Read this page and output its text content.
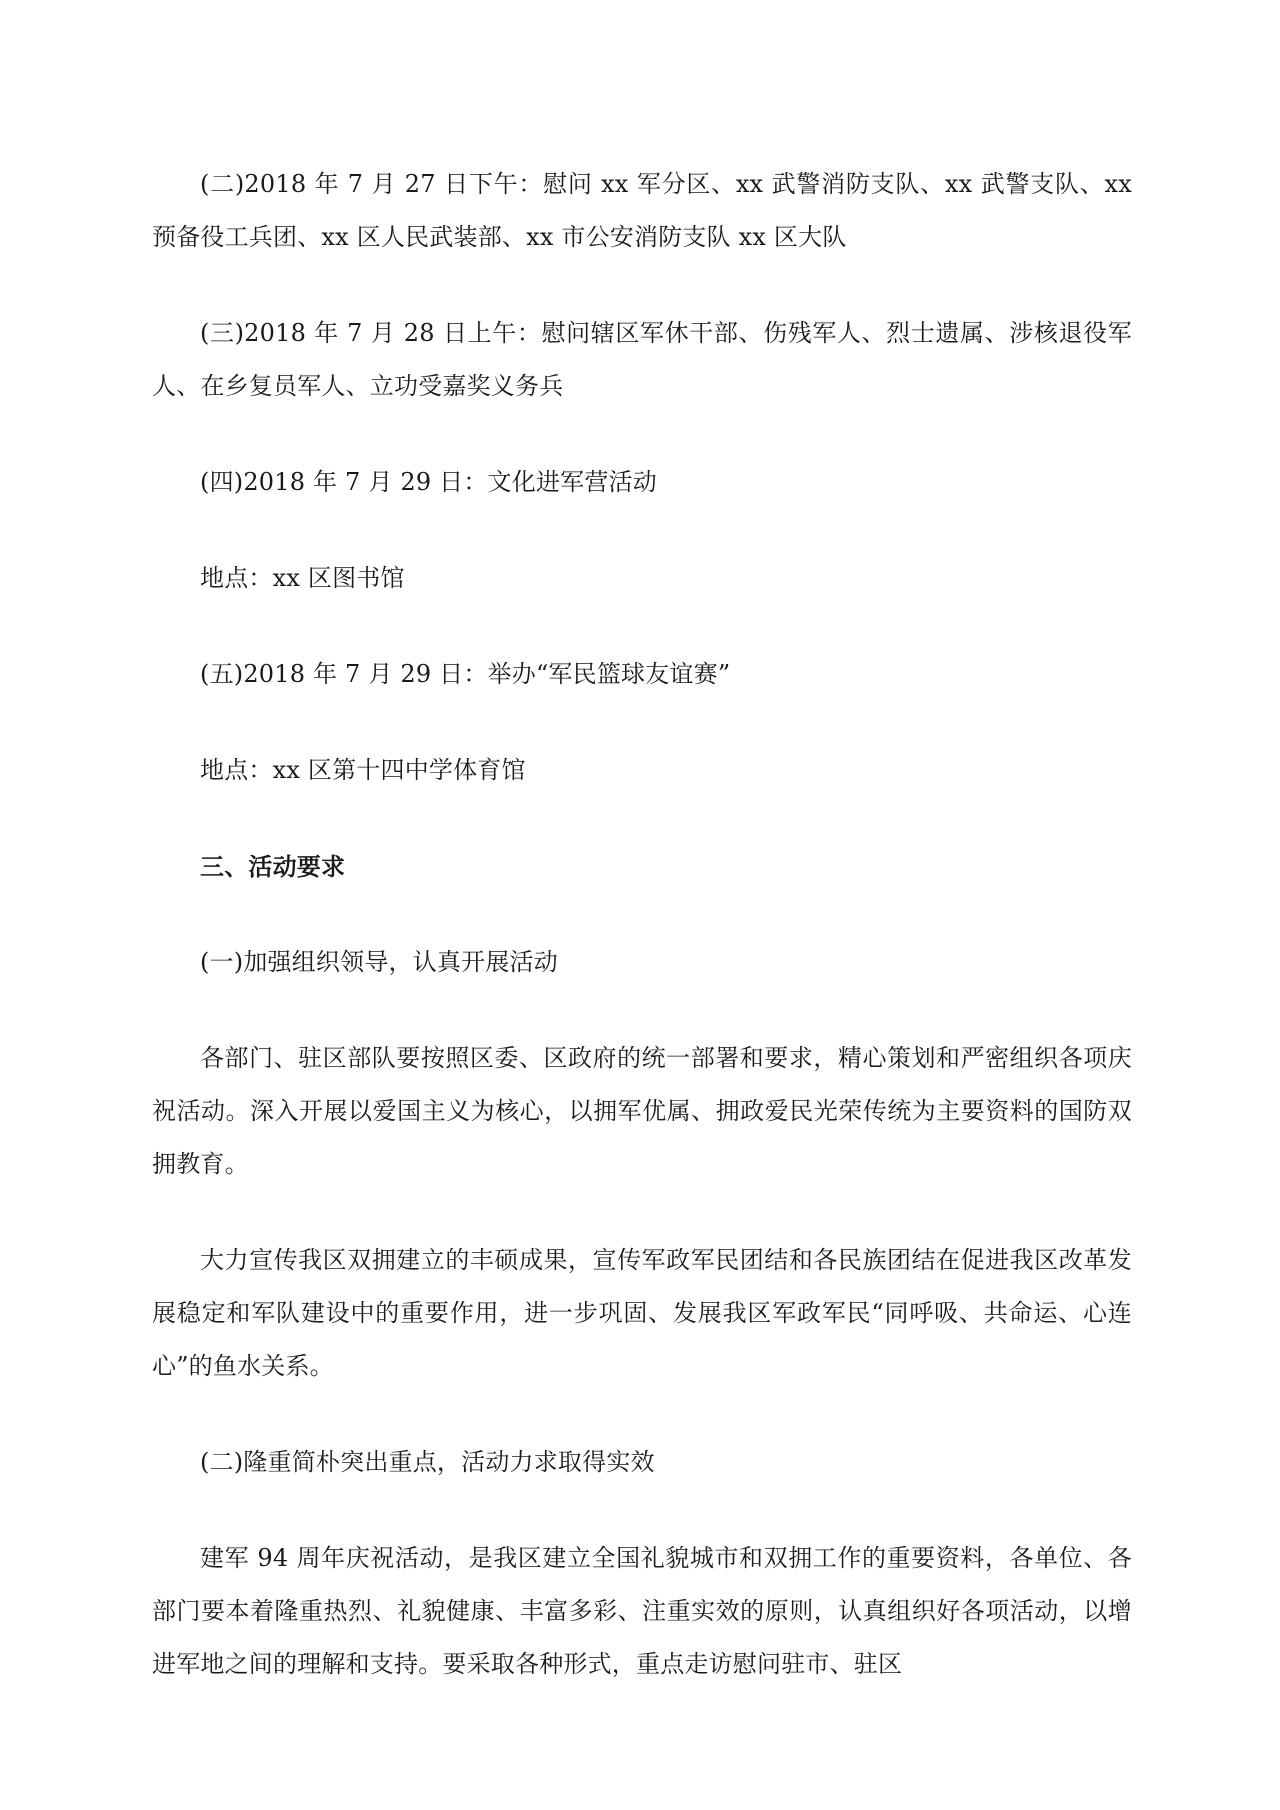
(二)2018 年 7 月 27 日下午：慰问 xx 军分区、xx 武警消防支队、xx 武警支队、xx 预备役工兵团、xx 区人民武装部、xx 市公安消防支队 xx 区大队

(三)2018 年 7 月 28 日上午：慰问辖区军休干部、伤残军人、烈士遗属、涉核退役军人、在乡复员军人、立功受嘉奖义务兵

(四)2018 年 7 月 29 日：文化进军营活动

地点：xx 区图书馆

(五)2018 年 7 月 29 日：举办“军民篮球友谊赛”

地点：xx 区第十四中学体育馆

三、活动要求

(一)加强组织领导，认真开展活动

各部门、驻区部队要按照区委、区政府的统一部署和要求，精心策划和严密组织各项庆祝活动。深入开展以爱国主义为核心，以拥军优属、拥政爱民光荣传统为主要资料的国防双拥教育。

大力宣传我区双拥建立的丰硕成果，宣传军政军民团结和各民族团结在促进我区改革发展稳定和军队建设中的重要作用，进一步巩固、发展我区军政军民“同呼吸、共命运、心连心”的鱼水关系。

(二)隆重简朴突出重点，活动力求取得实效

建军 94 周年庆祝活动，是我区建立全国礼貌城市和双拥工作的重要资料，各单位、各部门要本着隆重热烈、礼貌健康、丰富多彩、注重实效的原则，认真组织好各项活动，以增进军地之间的理解和支持。要采取各种形式，重点走访慰问驻市、驻区
